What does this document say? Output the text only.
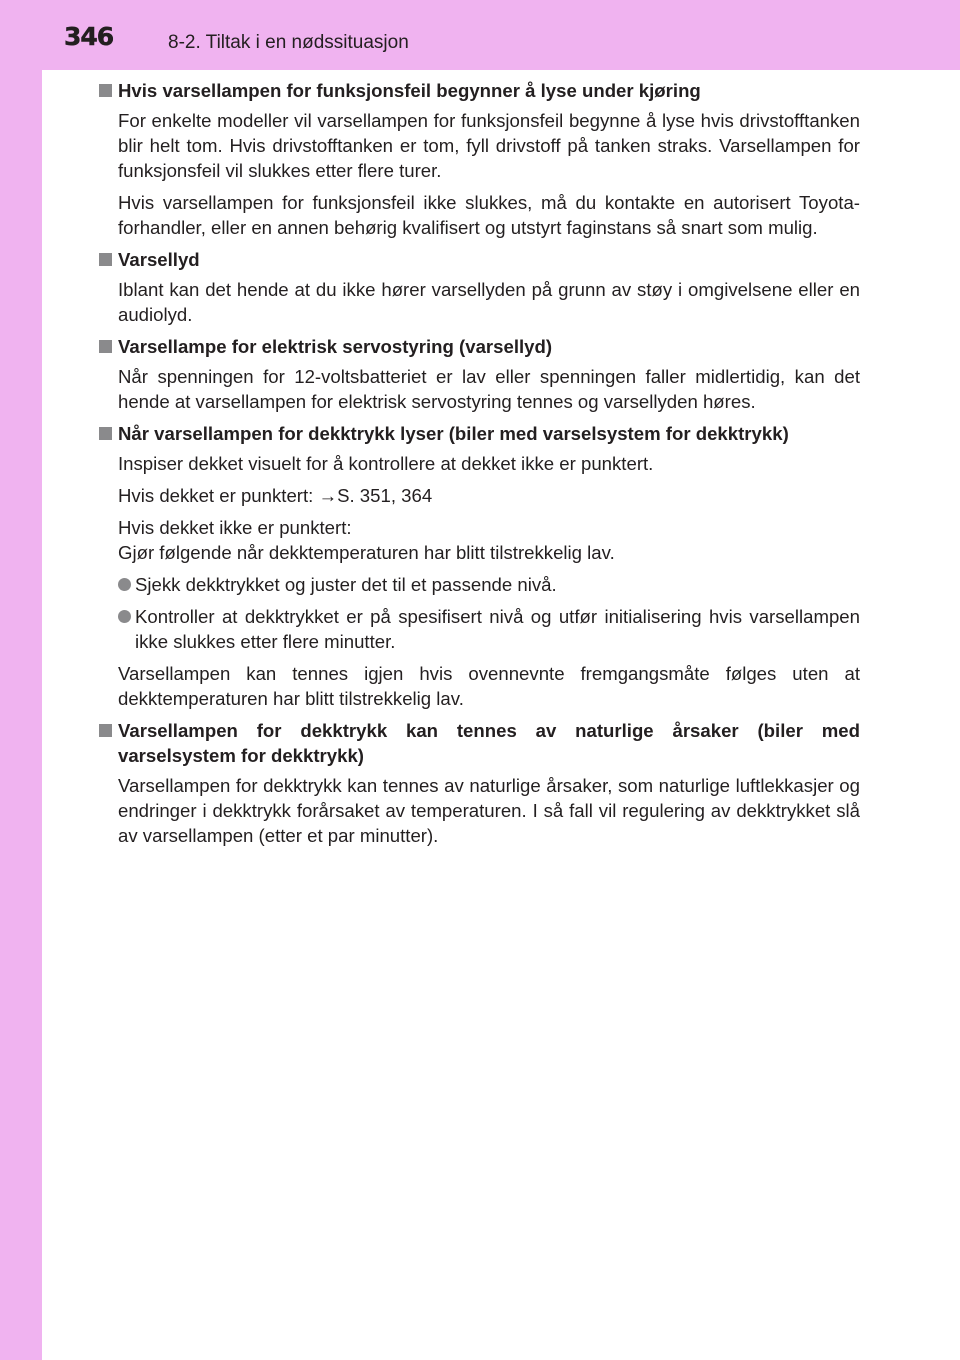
346	8-2. Tiltak i en nødssituasjon
Hvis varsellampen for funksjonsfeil begynner å lyse under kjøring
For enkelte modeller vil varsellampen for funksjonsfeil begynne å lyse hvis drivstofftanken blir helt tom. Hvis drivstofftanken er tom, fyll drivstoff på tanken straks. Varsellampen for funksjonsfeil vil slukkes etter flere turer.
Hvis varsellampen for funksjonsfeil ikke slukkes, må du kontakte en autorisert Toyota-forhandler, eller en annen behørig kvalifisert og utstyrt faginstans så snart som mulig.
Varsellyd
Iblant kan det hende at du ikke hører varsellyden på grunn av støy i omgivelsene eller en audiolyd.
Varsellampe for elektrisk servostyring (varsellyd)
Når spenningen for 12-voltsbatteriet er lav eller spenningen faller midlertidig, kan det hende at varsellampen for elektrisk servostyring tennes og varsellyden høres.
Når varsellampen for dekktrykk lyser (biler med varselsystem for dekktrykk)
Inspiser dekket visuelt for å kontrollere at dekket ikke er punktert.
Hvis dekket er punktert: →S. 351, 364
Hvis dekket ikke er punktert:
Gjør følgende når dekktemperaturen har blitt tilstrekkelig lav.
Sjekk dekktrykket og juster det til et passende nivå.
Kontroller at dekktrykket er på spesifisert nivå og utfør initialisering hvis varsellampen ikke slukkes etter flere minutter.
Varsellampen kan tennes igjen hvis ovennevnte fremgangsmåte følges uten at dekktemperaturen har blitt tilstrekkelig lav.
Varsellampen for dekktrykk kan tennes av naturlige årsaker (biler med varselsystem for dekktrykk)
Varsellampen for dekktrykk kan tennes av naturlige årsaker, som naturlige luftlekkasjer og endringer i dekktrykk forårsaket av temperaturen. I så fall vil regulering av dekktrykket slå av varsellampen (etter et par minutter).
